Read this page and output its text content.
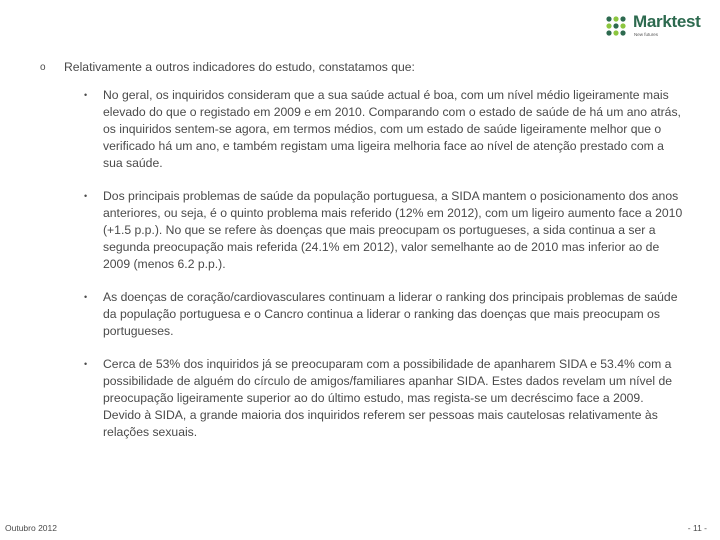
Marktest
New futures
o Relativamente a outros indicadores do estudo, constatamos que:
• No geral, os inquiridos consideram que a sua saúde actual é boa, com um nível médio ligeiramente mais elevado do que o registado em 2009 e em 2010. Comparando com o estado de saúde de há um ano atrás, os inquiridos sentem-se agora, em termos médios, com um estado de saúde ligeiramente melhor que o verificado há um ano, e também registam uma ligeira melhoria face ao nível de atenção prestado com a sua saúde.
• Dos principais problemas de saúde da população portuguesa, a SIDA mantem o posicionamento dos anos anteriores, ou seja, é o quinto problema mais referido (12% em 2012), com um ligeiro aumento face a 2010 (+1.5 p.p.). No que se refere às doenças que mais preocupam os portugueses, a sida continua a ser a segunda preocupação mais referida (24.1% em 2012), valor semelhante ao de 2010 mas inferior ao de 2009 (menos 6.2 p.p.).
• As doenças de coração/cardiovasculares continuam a liderar o ranking dos principais problemas de saúde da população portuguesa e o Cancro continua a liderar o ranking das doenças que mais preocupam os portugueses.
• Cerca de 53% dos inquiridos já se preocuparam com a possibilidade de apanharem SIDA e 53.4% com a possibilidade de alguém do círculo de amigos/familiares apanhar SIDA. Estes dados revelam um nível de preocupação ligeiramente superior ao do último estudo, mas regista-se um decréscimo face a 2009. Devido à SIDA, a grande maioria dos inquiridos referem ser pessoas mais cautelosas relativamente às relações sexuais.
Outubro 2012	- 11 -
